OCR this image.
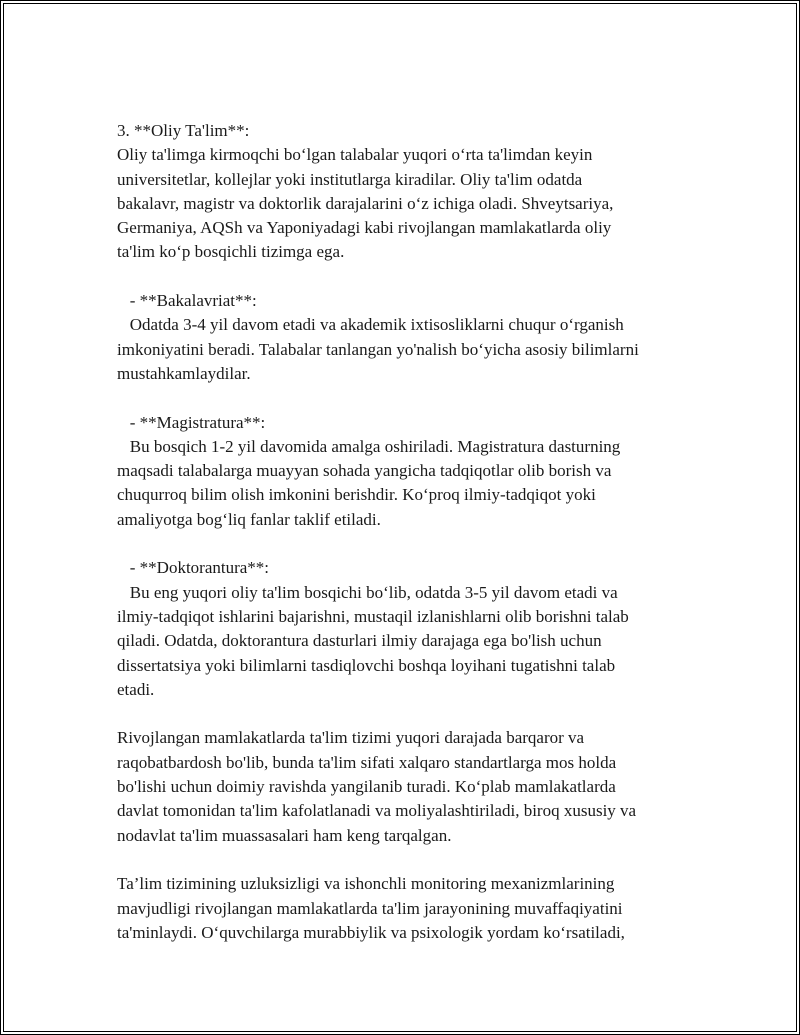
3. **Oliy Ta'lim**:
Oliy ta'limga kirmoqchi bo‘lgan talabalar yuqori o‘rta ta'limdan keyin
universitetlar, kollejlar yoki institutlarga kiradilar. Oliy ta'lim odatda
bakalavr, magistr va doktorlik darajalarini o‘z ichiga oladi. Shveytsariya,
Germaniya, AQSh va Yaponiyadagi kabi rivojlangan mamlakatlarda oliy
ta'lim ko‘p bosqichli tizimga ega.
- **Bakalavriat**:
Odatda 3-4 yil davom etadi va akademik ixtisosliklarni chuqur o‘rganish
imkoniyatini beradi. Talabalar tanlangan yo'nalish bo‘yicha asosiy bilimlarni
mustahkamlaydilar.
- **Magistratura**:
Bu bosqich 1-2 yil davomida amalga oshiriladi. Magistratura dasturning
maqsadi talabalarga muayyan sohada yangicha tadqiqotlar olib borish va
chuqurroq bilim olish imkonini berishdir. Ko‘proq ilmiy-tadqiqot yoki
amaliyotga bog‘liq fanlar taklif etiladi.
- **Doktorantura**:
Bu eng yuqori oliy ta'lim bosqichi bo‘lib, odatda 3-5 yil davom etadi va
ilmiy-tadqiqot ishlarini bajarishni, mustaqil izlanishlarni olib borishni talab
qiladi. Odatda, doktorantura dasturlari ilmiy darajaga ega bo'lish uchun
dissertatsiya yoki bilimlarni tasdiqlovchi boshqa loyihani tugatishni talab
etadi.
Rivojlangan mamlakatlarda ta'lim tizimi yuqori darajada barqaror va
raqobatbardosh bo'lib, bunda ta'lim sifati xalqaro standartlarga mos holda
bo'lishi uchun doimiy ravishda yangilanib turadi. Ko‘plab mamlakatlarda
davlat tomonidan ta'lim kafolatlanadi va moliyalashtiriladi, biroq xususiy va
nodavlat ta'lim muassasalari ham keng tarqalgan.
Ta’lim tizimining uzluksizligi va ishonchli monitoring mexanizmlarining
mavjudligi rivojlangan mamlakatlarda ta'lim jarayonining muvaffaqiyatini
ta'minlaydi. O‘quvchilarga murabbiylik va psixologik yordam ko‘rsatiladi,
